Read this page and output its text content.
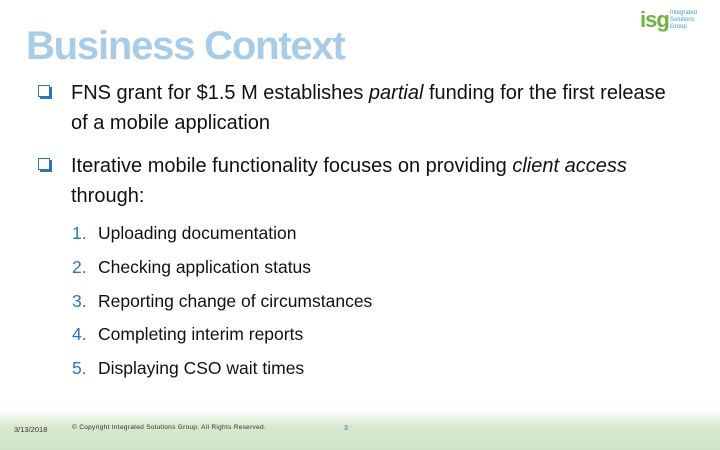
Business Context
isg Integrated
Solutions
Group
FNS grant for $1.5 M establishes partial funding for the first release of a mobile application
Iterative mobile functionality focuses on providing client access through:
1. Uploading documentation
2. Checking application status
3. Reporting change of circumstances
4. Completing interim reports
5. Displaying CSO wait times
3/13/2018	© Copyright Integrated Solutions Group. All Rights Reserved.	3
